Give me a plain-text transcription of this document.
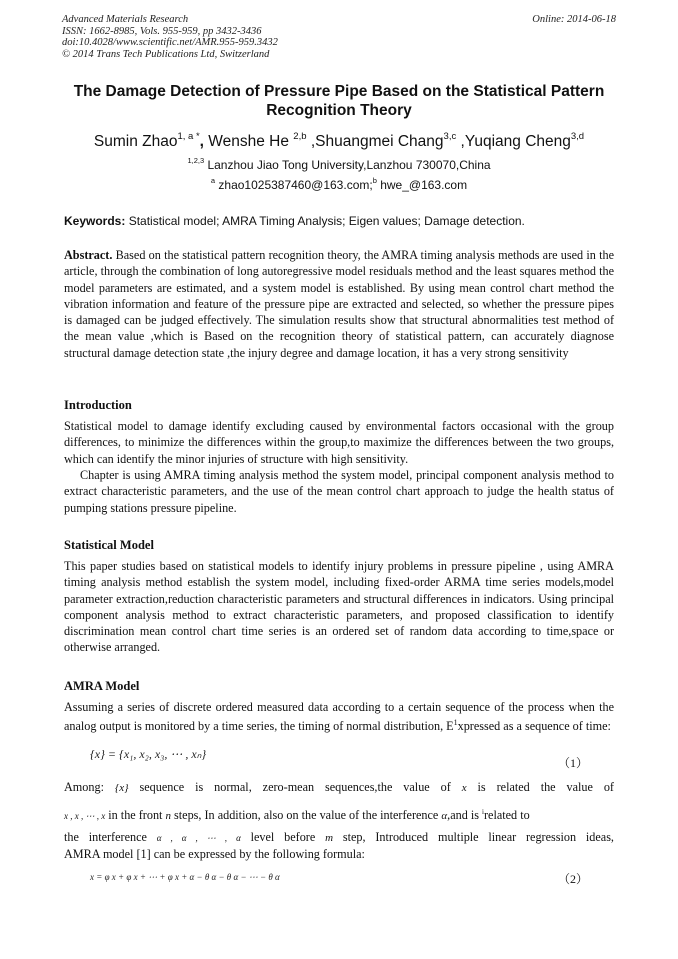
Advanced Materials Research
ISSN: 1662-8985, Vols. 955-959, pp 3432-3436
doi:10.4028/www.scientific.net/AMR.955-959.3432
© 2014 Trans Tech Publications Ltd, Switzerland
Online: 2014-06-18
The Damage Detection of Pressure Pipe Based on the Statistical Pattern Recognition Theory
Sumin Zhao$^{1, a *}$, Wenshe He $^{2,b}$ ,Shuangmei Chang$^{3,c}$ ,Yuqiang Cheng$^{3,d}$
$^{1,2,3}$ Lanzhou Jiao Tong University,Lanzhou 730070,China
$^a$ zhao1025387460@163.com;$^b$ hwe_@163.com
Keywords: Statistical model; AMRA Timing Analysis; Eigen values; Damage detection.
Abstract. Based on the statistical pattern recognition theory, the AMRA timing analysis methods are used in the article, through the combination of long autoregressive model residuals method and the least squares method the model parameters are estimated, and a system model is established. By using mean control chart method the vibration information and feature of the pressure pipe are extracted and selected, so whether the pressure pipes is damaged can be judged effectively. The simulation results show that structural abnormalities test method of the mean value ,which is Based on the recognition theory of statistical pattern, can accurately diagnose structural damage detection state ,the injury degree and damage location, it has a very strong sensitivity
Introduction
Statistical model to damage identify excluding caused by environmental factors occasional with the group differences, to minimize the differences within the group,to maximize the differences between the two groups, which can identify the minor injuries of structure with high sensitivity.
Chapter is using AMRA timing analysis method the system model, principal component analysis method to extract characteristic parameters, and the use of the mean control chart approach to judge the health status of pumping stations pressure pipeline.
Statistical Model
This paper studies based on statistical models to identify injury problems in pressure pipeline , using AMRA timing analysis method establish the system model, including fixed-order ARMA time series models,model parameter extraction,reduction characteristic parameters and structural differences in indicators. Using principal component analysis method to extract characteristic parameters, and proposed classification to identify discrimination mean control chart time series is an ordered set of random data according to time,space or otherwise arranged.
AMRA Model
Assuming a series of discrete ordered measured data according to a certain sequence of the process when the analog output is monitored by a time series, the timing of normal distribution, $E^1xpressed$ as a sequence of time:
{x} = {x₁, x₂, x₃, ⋯ , xₙ}
（1）
Among: {x} sequence is normal, zero-mean sequences,the value of x is related the value of
x , x , ⋯ , x in the front n steps, In addition, also on the value of the interference α,and is $^i$related to
the interference α , α , ⋯ , α level before m step, Introduced multiple linear regression ideas,
AMRA model [1] can be expressed by the following formula:
x = φ x + φ x + ⋯ + φ x + α − θ α − θ α − ⋯ − θ α	（2）
